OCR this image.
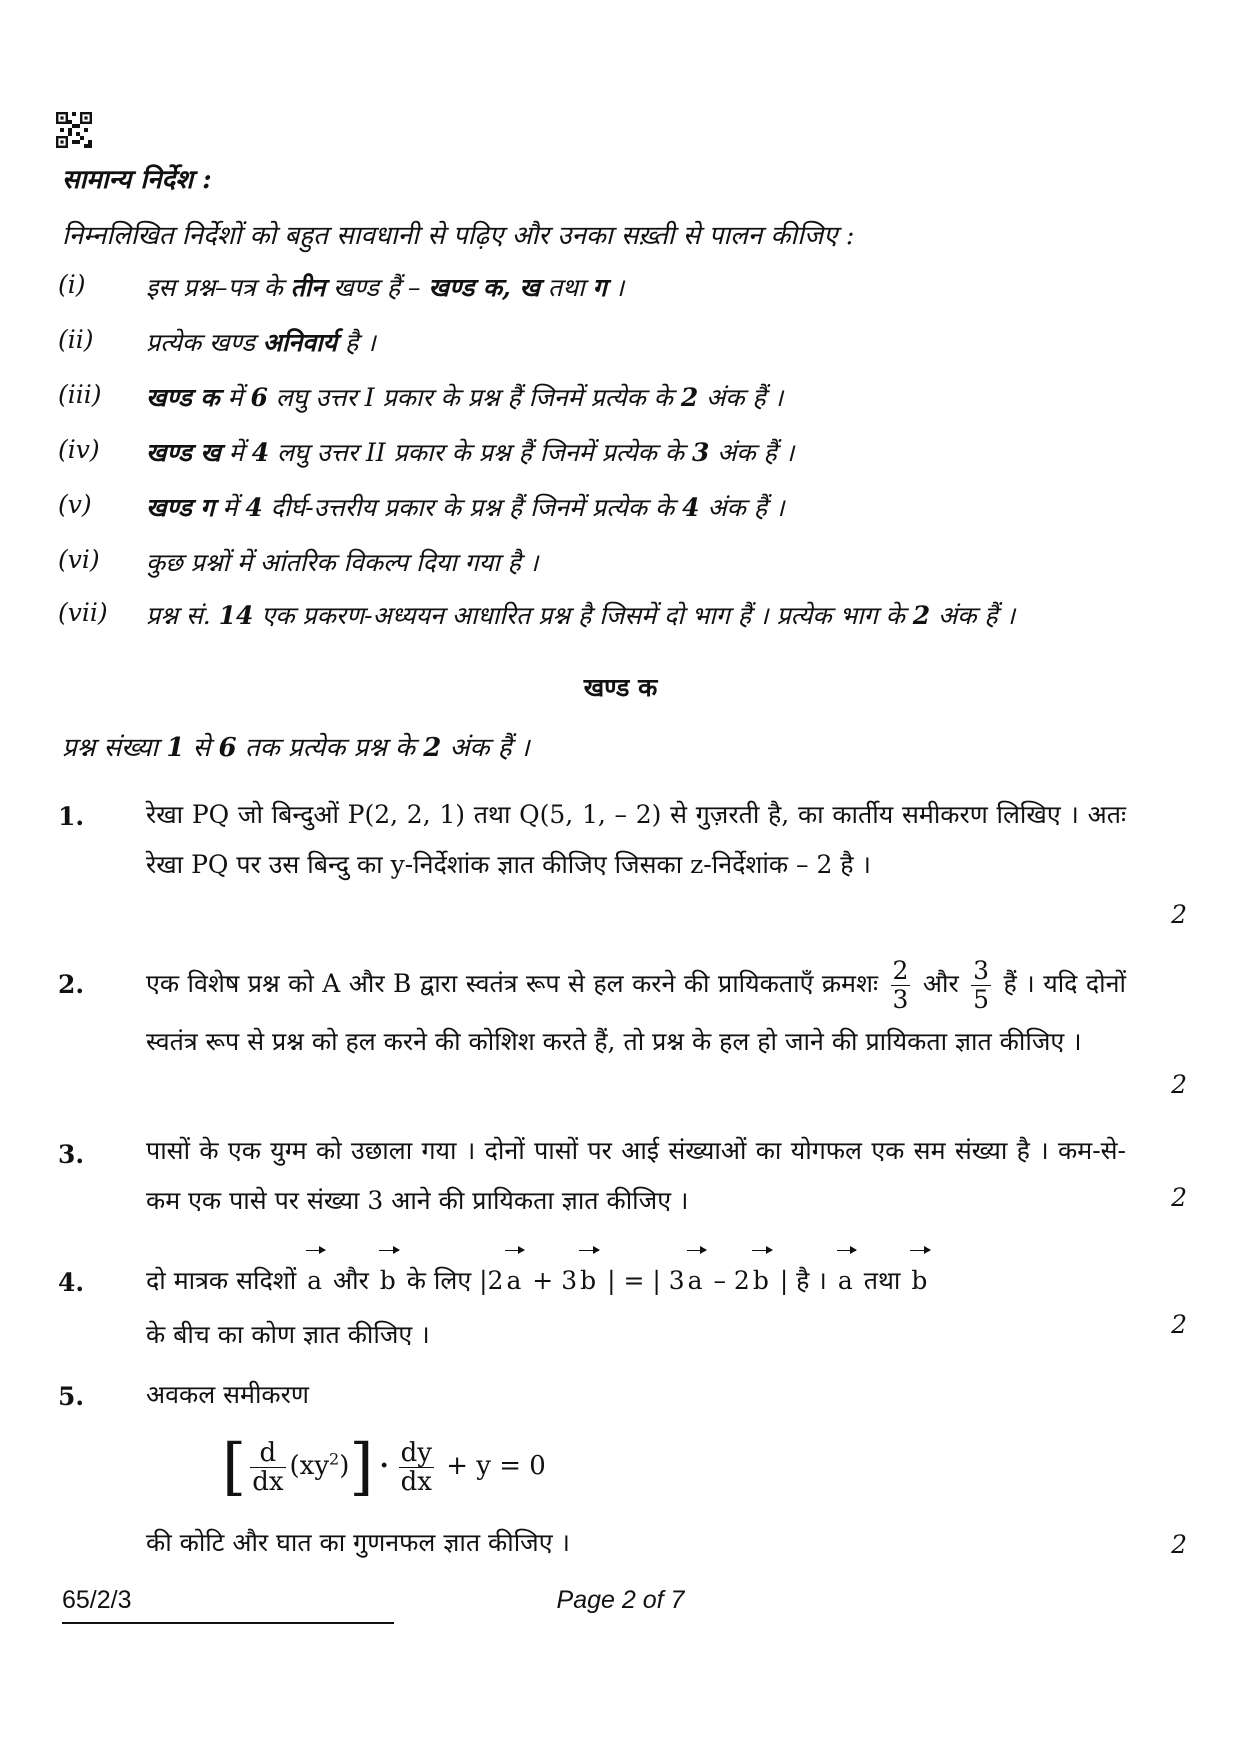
सामान्य निर्देश :
निम्नलिखित निर्देशों को बहुत सावधानी से पढ़िए और उनका सख़्ती से पालन कीजिए :
(i) इस प्रश्न–पत्र के तीन खण्ड हैं – खण्ड क, ख तथा ग ।
(ii) प्रत्येक खण्ड अनिवार्य है ।
(iii) खण्ड क में 6 लघु उत्तर I प्रकार के प्रश्न हैं जिनमें प्रत्येक के 2 अंक हैं ।
(iv) खण्ड ख में 4 लघु उत्तर II प्रकार के प्रश्न हैं जिनमें प्रत्येक के 3 अंक हैं ।
(v) खण्ड ग में 4 दीर्घ-उत्तरीय प्रकार के प्रश्न हैं जिनमें प्रत्येक के 4 अंक हैं ।
(vi) कुछ प्रश्नों में आंतरिक विकल्प दिया गया है ।
(vii) प्रश्न सं. 14 एक प्रकरण-अध्ययन आधारित प्रश्न है जिसमें दो भाग हैं । प्रत्येक भाग के 2 अंक हैं ।
खण्ड क
प्रश्न संख्या 1 से 6 तक प्रत्येक प्रश्न के 2 अंक हैं ।
1. रेखा PQ जो बिन्दुओं P(2, 2, 1) तथा Q(5, 1, – 2) से गुज़रती है, का कार्तीय समीकरण लिखिए । अतः रेखा PQ पर उस बिन्दु का y-निर्देशांक ज्ञात कीजिए जिसका z-निर्देशांक – 2 है ।
2
2. एक विशेष प्रश्न को A और B द्वारा स्वतंत्र रूप से हल करने की प्रायिकताएँ क्रमशः $\frac{2}{3}$ और $\frac{3}{5}$ हैं । यदि दोनों स्वतंत्र रूप से प्रश्न को हल करने की कोशिश करते हैं, तो प्रश्न के हल हो जाने की प्रायिकता ज्ञात कीजिए ।
2
3. पासों के एक युग्म को उछाला गया । दोनों पासों पर आई संख्याओं का योगफल एक सम संख्या है । कम-से-कम एक पासे पर संख्या 3 आने की प्रायिकता ज्ञात कीजिए ।	2
4. दो मात्रक सदिशों a और b के लिए |2 a + 3 b | = | 3 a – 2 b | है । a तथा b
के बीच का कोण ज्ञात कीजिए ।	2
5. अवकल समीकरण
[ $\frac{d}{dx} (xy^2)] \cdot \frac{dy}{dx} + y = 0$
की कोटि और घात का गुणनफल ज्ञात कीजिए ।	2
65/2/3	Page 2 of 7
